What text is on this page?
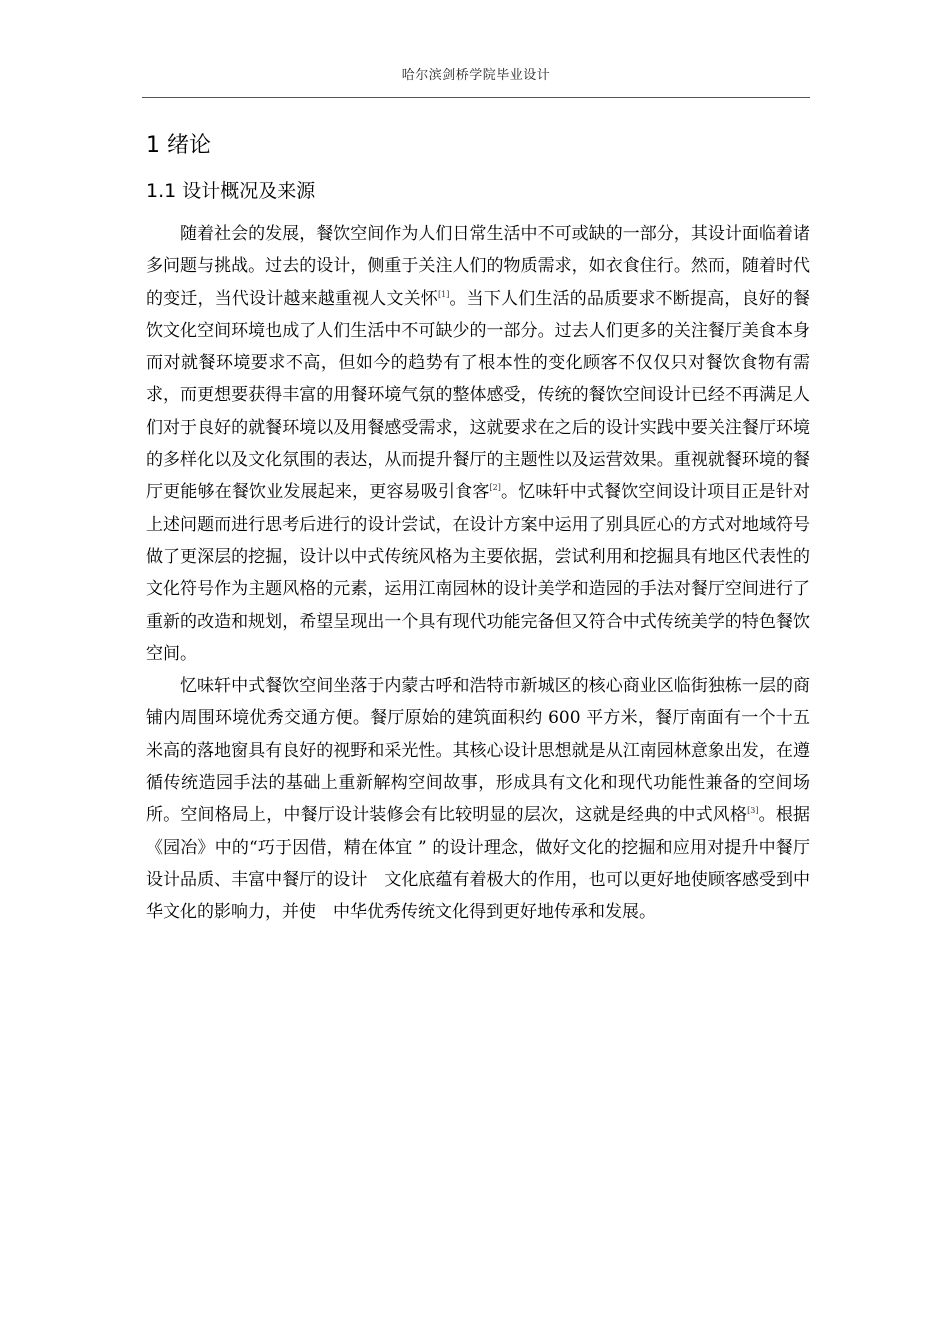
哈尔滨剑桥学院毕业设计
1 绪论
1.1 设计概况及来源

随着社会的发展，餐饮空间作为人们日常生活中不可或缺的一部分，其设计面临着诸多问题与挑战。过去的设计，侧重于关注人们的物质需求，如衣食住行。然而，随着时代的变迁，当代设计越来越重视人文关怀[1]。当下人们生活的品质要求不断提高，良好的餐饮文化空间环境也成了人们生活中不可缺少的一部分。过去人们更多的关注餐厅美食本身而对就餐环境要求不高，但如今的趋势有了根本性的变化顾客不仅仅只对餐饮食物有需求，而更想要获得丰富的用餐环境气氛的整体感受，传统的餐饮空间设计已经不再满足人们对于良好的就餐环境以及用餐感受需求，这就要求在之后的设计实践中要关注餐厅环境的多样化以及文化氛围的表达，从而提升餐厅的主题性以及运营效果。重视就餐环境的餐厅更能够在餐饮业发展起来，更容易吸引食客[2]。忆味轩中式餐饮空间设计项目正是针对上述问题而进行思考后进行的设计尝试，在设计方案中运用了别具匠心的方式对地域符号做了更深层的挖掘，设计以中式传统风格为主要依据，尝试利用和挖掘具有地区代表性的文化符号作为主题风格的元素，运用江南园林的设计美学和造园的手法对餐厅空间进行了重新的改造和规划，希望呈现出一个具有现代功能完备但又符合中式传统美学的特色餐饮空间。

忆味轩中式餐饮空间坐落于内蒙古呼和浩特市新城区的核心商业区临街独栋一层的商铺内周围环境优秀交通方便。餐厅原始的建筑面积约 600 平方米，餐厅南面有一个十五米高的落地窗具有良好的视野和采光性。其核心设计思想就是从江南园林意象出发，在遵循传统造园手法的基础上重新解构空间故事，形成具有文化和现代功能性兼备的空间场所。空间格局上，中餐厅设计装修会有比较明显的层次，这就是经典的中式风格[3]。根据《园冶》中的“巧于因借，精在体宜 ” 的设计理念，做好文化的挖掘和应用对提升中餐厅设计品质、丰富中餐厅的设计　文化底蕴有着极大的作用，也可以更好地使顾客感受到中华文化的影响力，并使　中华优秀传统文化得到更好地传承和发展。
